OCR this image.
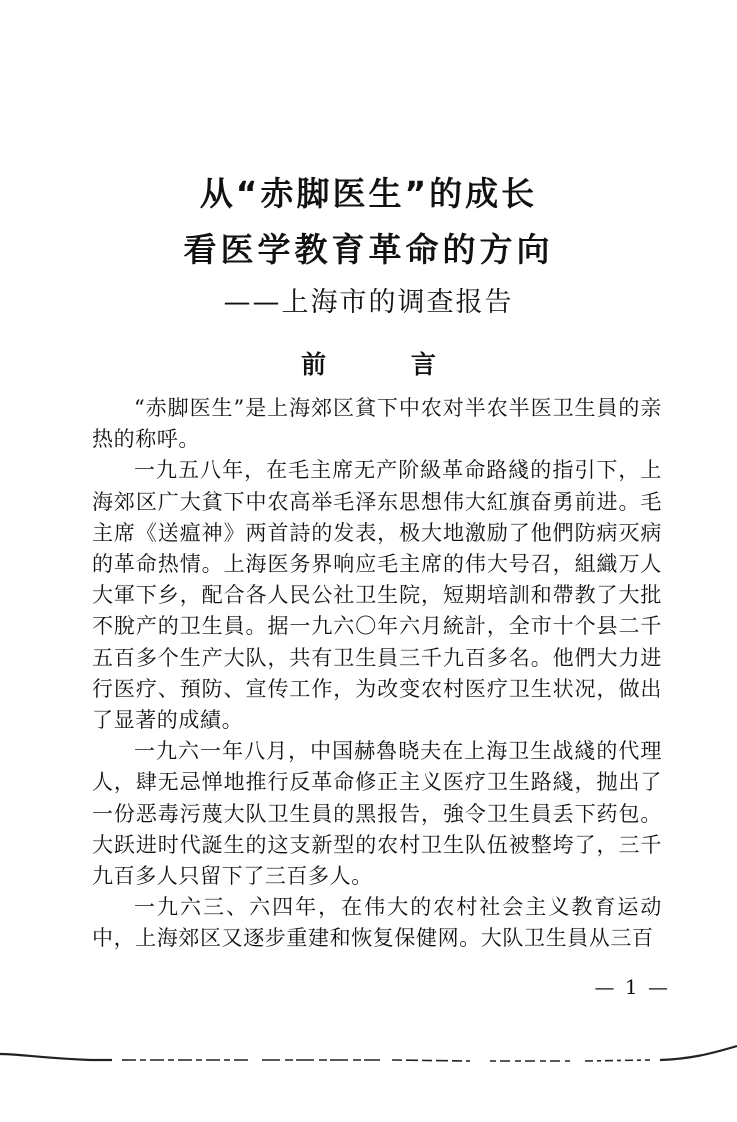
从“赤脚医生”的成长
看医学教育革命的方向
——上海市的调查报告
前 言

“赤脚医生”是上海郊区貧下中农对半农半医卫生員的亲热的称呼。

一九五八年，在毛主席无产阶級革命路綫的指引下，上海郊区广大貧下中农高举毛泽东思想伟大紅旗奋勇前进。毛主席《送瘟神》两首詩的发表，极大地激励了他們防病灭病的革命热情。上海医务界响应毛主席的伟大号召，組織万人大軍下乡，配合各人民公社卫生院，短期培訓和帶教了大批不脫产的卫生員。据一九六〇年六月統計，全市十个县二千五百多个生产大队，共有卫生員三千九百多名。他們大力进行医疗、預防、宣传工作，为改变农村医疗卫生状况，做出了显著的成績。

一九六一年八月，中国赫魯晓夫在上海卫生战綫的代理人，肆无忌惮地推行反革命修正主义医疗卫生路綫，抛出了一份恶毒污蔑大队卫生員的黑报告，強令卫生員丢下药包。大跃进时代誕生的这支新型的农村卫生队伍被整垮了，三千九百多人只留下了三百多人。

一九六三、六四年，在伟大的农村社会主义教育运动中，上海郊区又逐步重建和恢复保健网。大队卫生員从三百

— 1 —
